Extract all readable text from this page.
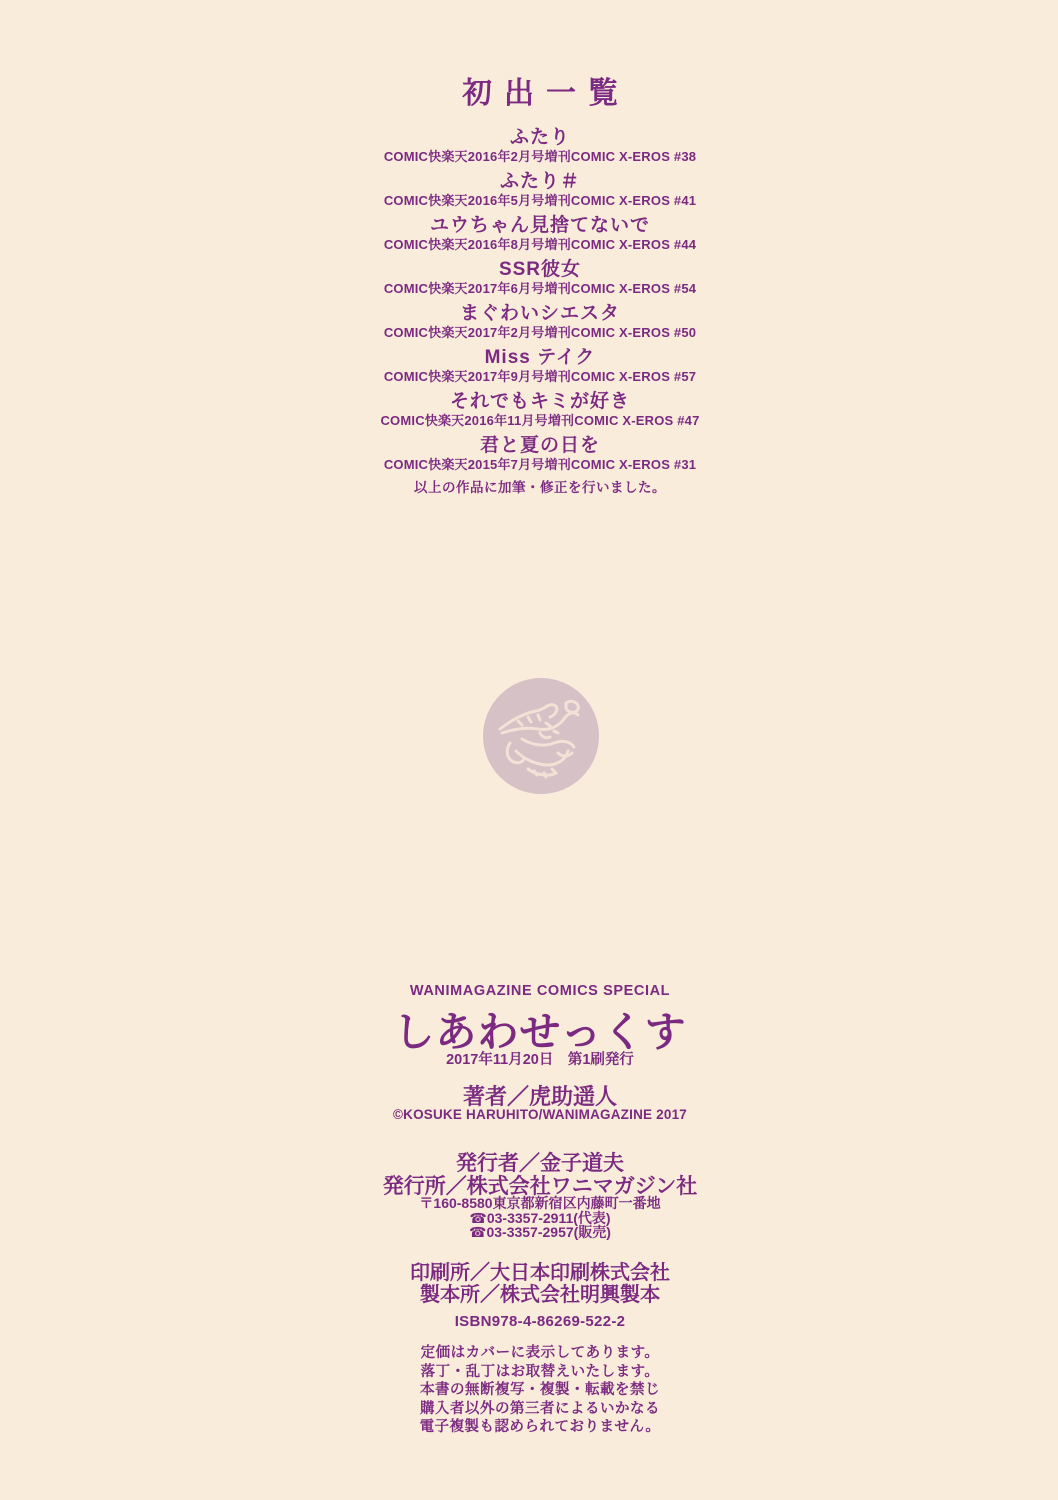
初出一覧
ふたり
COMIC快楽天2016年2月号増刊COMIC X-EROS #38
ふたり＃
COMIC快楽天2016年5月号増刊COMIC X-EROS #41
ユウちゃん見捨てないで
COMIC快楽天2016年8月号増刊COMIC X-EROS #44
SSR彼女
COMIC快楽天2017年6月号増刊COMIC X-EROS #54
まぐわいシエスタ
COMIC快楽天2017年2月号増刊COMIC X-EROS #50
Miss テイク
COMIC快楽天2017年9月号増刊COMIC X-EROS #57
それでもキミが好き
COMIC快楽天2016年11月号増刊COMIC X-EROS #47
君と夏の日を
COMIC快楽天2015年7月号増刊COMIC X-EROS #31
以上の作品に加筆・修正を行いました。
WANIMAGAZINE COMICS SPECIAL
しあわせっくす
2017年11月20日　第1刷発行
著者／虎助遥人
©KOSUKE HARUHITO/WANIMAGAZINE 2017
発行者／金子道夫
発行所／株式会社ワニマガジン社
〒160-8580東京都新宿区内藤町一番地
☎03-3357-2911(代表)
☎03-3357-2957(販売)
印刷所／大日本印刷株式会社
製本所／株式会社明興製本
ISBN978-4-86269-522-2
定価はカバーに表示してあります。
落丁・乱丁はお取替えいたします。
本書の無断複写・複製・転載を禁じ
購入者以外の第三者によるいかなる
電子複製も認められておりません。
